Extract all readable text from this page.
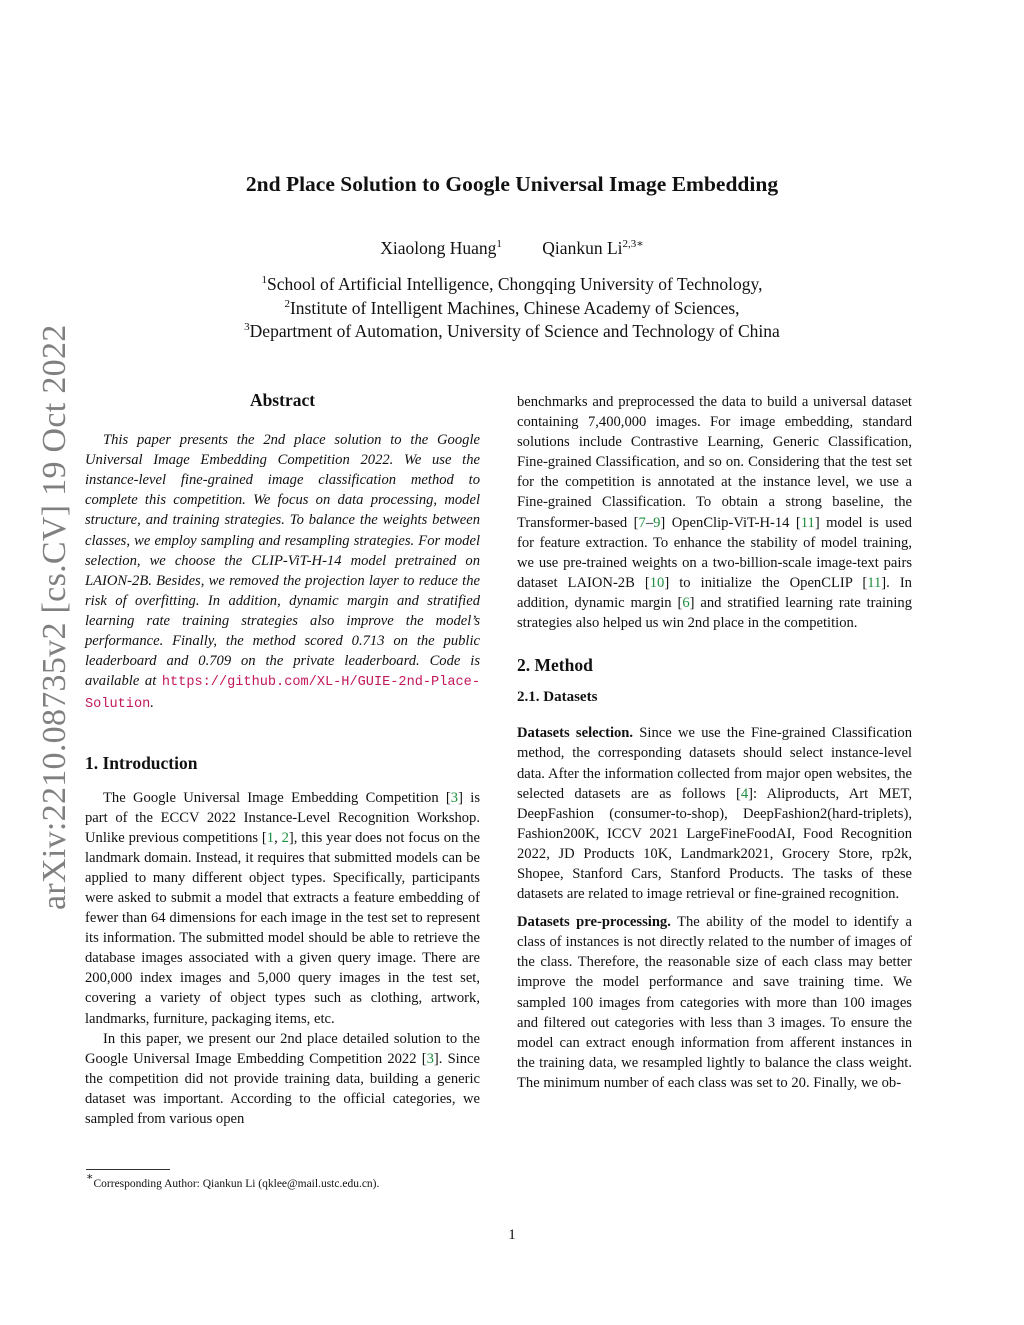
2nd Place Solution to Google Universal Image Embedding
Xiaolong Huang$^1$ Qiankun $Li^{2,3∗}$
$^1$School of Artificial Intelligence, Chongqing University of Technology,
$^2$Institute of Intelligent Machines, Chinese Academy of Sciences,
$^3$Department of Automation, University of Science and Technology of China
arXiv:2210.08735v2 [cs.CV] 19 Oct 2022	Abstract

This paper presents the 2nd place solution to the Google Universal Image Embedding Competition 2022. We use the instance-level fine-grained image classification method to complete this competition. We focus on data processing, model structure, and training strategies. To balance the weights between classes, we employ sampling and resampling strategies. For model selection, we choose the CLIP-ViT-H-14 model pretrained on LAION-2B. Besides, we removed the projection layer to reduce the risk of overfitting. In addition, dynamic margin and stratified learning rate training strategies also improve the model’s performance. Finally, the method scored 0.713 on the public leaderboard and 0.709 on the private leaderboard. Code is available at https://github.com/XL-H/GUIE-2nd-Place-Solution.

1. Introduction

The Google Universal Image Embedding Competition [3] is part of the ECCV 2022 Instance-Level Recognition Workshop. Unlike previous competitions [1, 2], this year does not focus on the landmark domain. Instead, it requires that submitted models can be applied to many different object types. Specifically, participants were asked to submit a model that extracts a feature embedding of fewer than 64 dimensions for each image in the test set to represent its information. The submitted model should be able to retrieve the database images associated with a given query image. There are 200,000 index images and 5,000 query images in the test set, covering a variety of object types such as clothing, artwork, landmarks, furniture, packaging items, etc.

In this paper, we present our 2nd place detailed solution to the Google Universal Image Embedding Competition 2022 [3]. Since the competition did not provide training data, building a generic dataset was important. According to the official categories, we sampled from various open

∗Corresponding Author: Qiankun Li (qklee@mail.ustc.edu.cn).

benchmarks and preprocessed the data to build a universal dataset containing 7,400,000 images. For image embedding, standard solutions include Contrastive Learning, Generic Classification, Fine-grained Classification, and so on. Considering that the test set for the competition is annotated at the instance level, we use a Fine-grained Classification. To obtain a strong baseline, the Transformer-based [7–9] OpenClip-ViT-H-14 [11] model is used for feature extraction. To enhance the stability of model training, we use pre-trained weights on a two-billion-scale image-text pairs dataset LAION-2B [10] to initialize the OpenCLIP [11]. In addition, dynamic margin [6] and stratified learning rate training strategies also helped us win 2nd place in the competition.

2. Method
2.1. Datasets

Datasets selection. Since we use the Fine-grained Classification method, the corresponding datasets should select instance-level data. After the information collected from major open websites, the selected datasets are as follows [4]: Aliproducts, Art MET, DeepFashion (consumer-to-shop), DeepFashion2(hard-triplets), Fashion200K, ICCV 2021 LargeFineFoodAI, Food Recognition 2022, JD Products 10K, Landmark2021, Grocery Store, rp2k, Shopee, Stanford Cars, Stanford Products. The tasks of these datasets are related to image retrieval or fine-grained recognition.

Datasets pre-processing. The ability of the model to identify a class of instances is not directly related to the number of images of the class. Therefore, the reasonable size of each class may better improve the model performance and save training time. We sampled 100 images from categories with more than 100 images and filtered out categories with less than 3 images. To ensure the model can extract enough information from afferent instances in the training data, we resampled lightly to balance the class weight. The minimum number of each class was set to 20. Finally, we ob-

1
